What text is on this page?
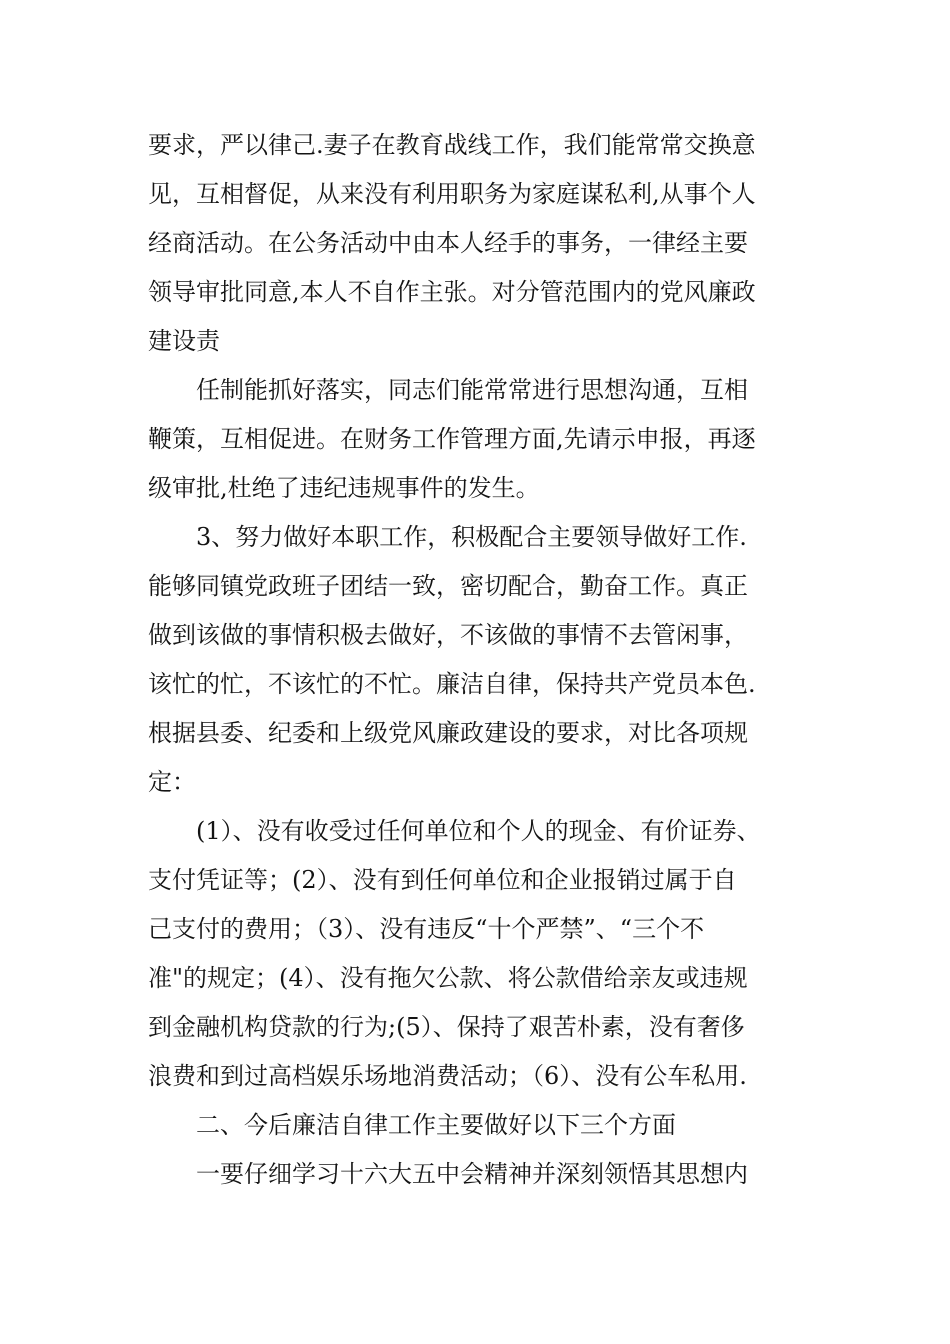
要求，严以律己.妻子在教育战线工作，我们能常常交换意
见，互相督促，从来没有利用职务为家庭谋私利,从事个人
经商活动。在公务活动中由本人经手的事务，一律经主要
领导审批同意,本人不自作主张。对分管范围内的党风廉政
建设责
任制能抓好落实，同志们能常常进行思想沟通，互相
鞭策，互相促进。在财务工作管理方面,先请示申报，再逐
级审批,杜绝了违纪违规事件的发生。
3、努力做好本职工作，积极配合主要领导做好工作.
能够同镇党政班子团结一致，密切配合，勤奋工作。真正
做到该做的事情积极去做好，不该做的事情不去管闲事，
该忙的忙，不该忙的不忙。廉洁自律，保持共产党员本色.
根据县委、纪委和上级党风廉政建设的要求，对比各项规
定：
(1）、没有收受过任何单位和个人的现金、有价证券、
支付凭证等；(2）、没有到任何单位和企业报销过属于自
己支付的费用；（3）、没有违反“十个严禁”、“三个不
准"的规定；(4）、没有拖欠公款、将公款借给亲友或违规
到金融机构贷款的行为;(5）、保持了艰苦朴素，没有奢侈
浪费和到过高档娱乐场地消费活动；（6）、没有公车私用.
二、今后廉洁自律工作主要做好以下三个方面
一要仔细学习十六大五中会精神并深刻领悟其思想内
